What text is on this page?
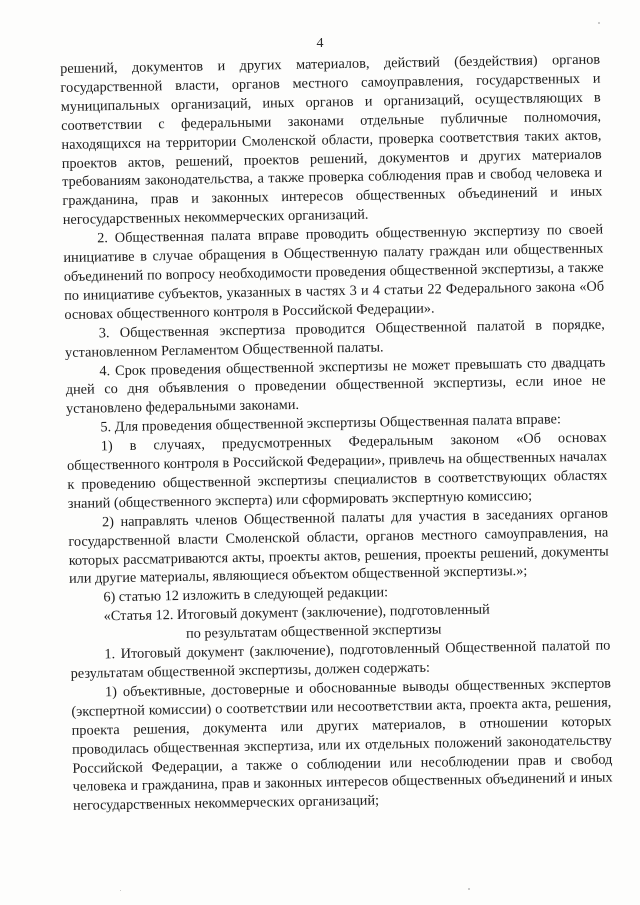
4

решений, документов и других материалов, действий (бездействия) органов государственной власти, органов местного самоуправления, государственных и муниципальных организаций, иных органов и организаций, осуществляющих в соответствии с федеральными законами отдельные публичные полномочия, находящихся на территории Смоленской области, проверка соответствия таких актов, проектов актов, решений, проектов решений, документов и других материалов требованиям законодательства, а также проверка соблюдения прав и свобод человека и гражданина, прав и законных интересов общественных объединений и иных негосударственных некоммерческих организаций.

2. Общественная палата вправе проводить общественную экспертизу по своей инициативе в случае обращения в Общественную палату граждан или общественных объединений по вопросу необходимости проведения общественной экспертизы, а также по инициативе субъектов, указанных в частях 3 и 4 статьи 22 Федерального закона «Об основах общественного контроля в Российской Федерации».

3. Общественная экспертиза проводится Общественной палатой в порядке, установленном Регламентом Общественной палаты.

4. Срок проведения общественной экспертизы не может превышать сто двадцать дней со дня объявления о проведении общественной экспертизы, если иное не установлено федеральными законами.

5. Для проведения общественной экспертизы Общественная палата вправе:

1) в случаях, предусмотренных Федеральным законом «Об основах общественного контроля в Российской Федерации», привлечь на общественных началах к проведению общественной экспертизы специалистов в соответствующих областях знаний (общественного эксперта) или сформировать экспертную комиссию;

2) направлять членов Общественной палаты для участия в заседаниях органов государственной власти Смоленской области, органов местного самоуправления, на которых рассматриваются акты, проекты актов, решения, проекты решений, документы или другие материалы, являющиеся объектом общественной экспертизы.»;

6) статью 12 изложить в следующей редакции:

«Статья 12. Итоговый документ (заключение), подготовленный

по результатам общественной экспертизы

1. Итоговый документ (заключение), подготовленный Общественной палатой по результатам общественной экспертизы, должен содержать:

1) объективные, достоверные и обоснованные выводы общественных экспертов (экспертной комиссии) о соответствии или несоответствии акта, проекта акта, решения, проекта решения, документа или других материалов, в отношении которых проводилась общественная экспертиза, или их отдельных положений законодательству Российской Федерации, а также о соблюдении или несоблюдении прав и свобод человека и гражданина, прав и законных интересов общественных объединений и иных негосударственных некоммерческих организаций;
